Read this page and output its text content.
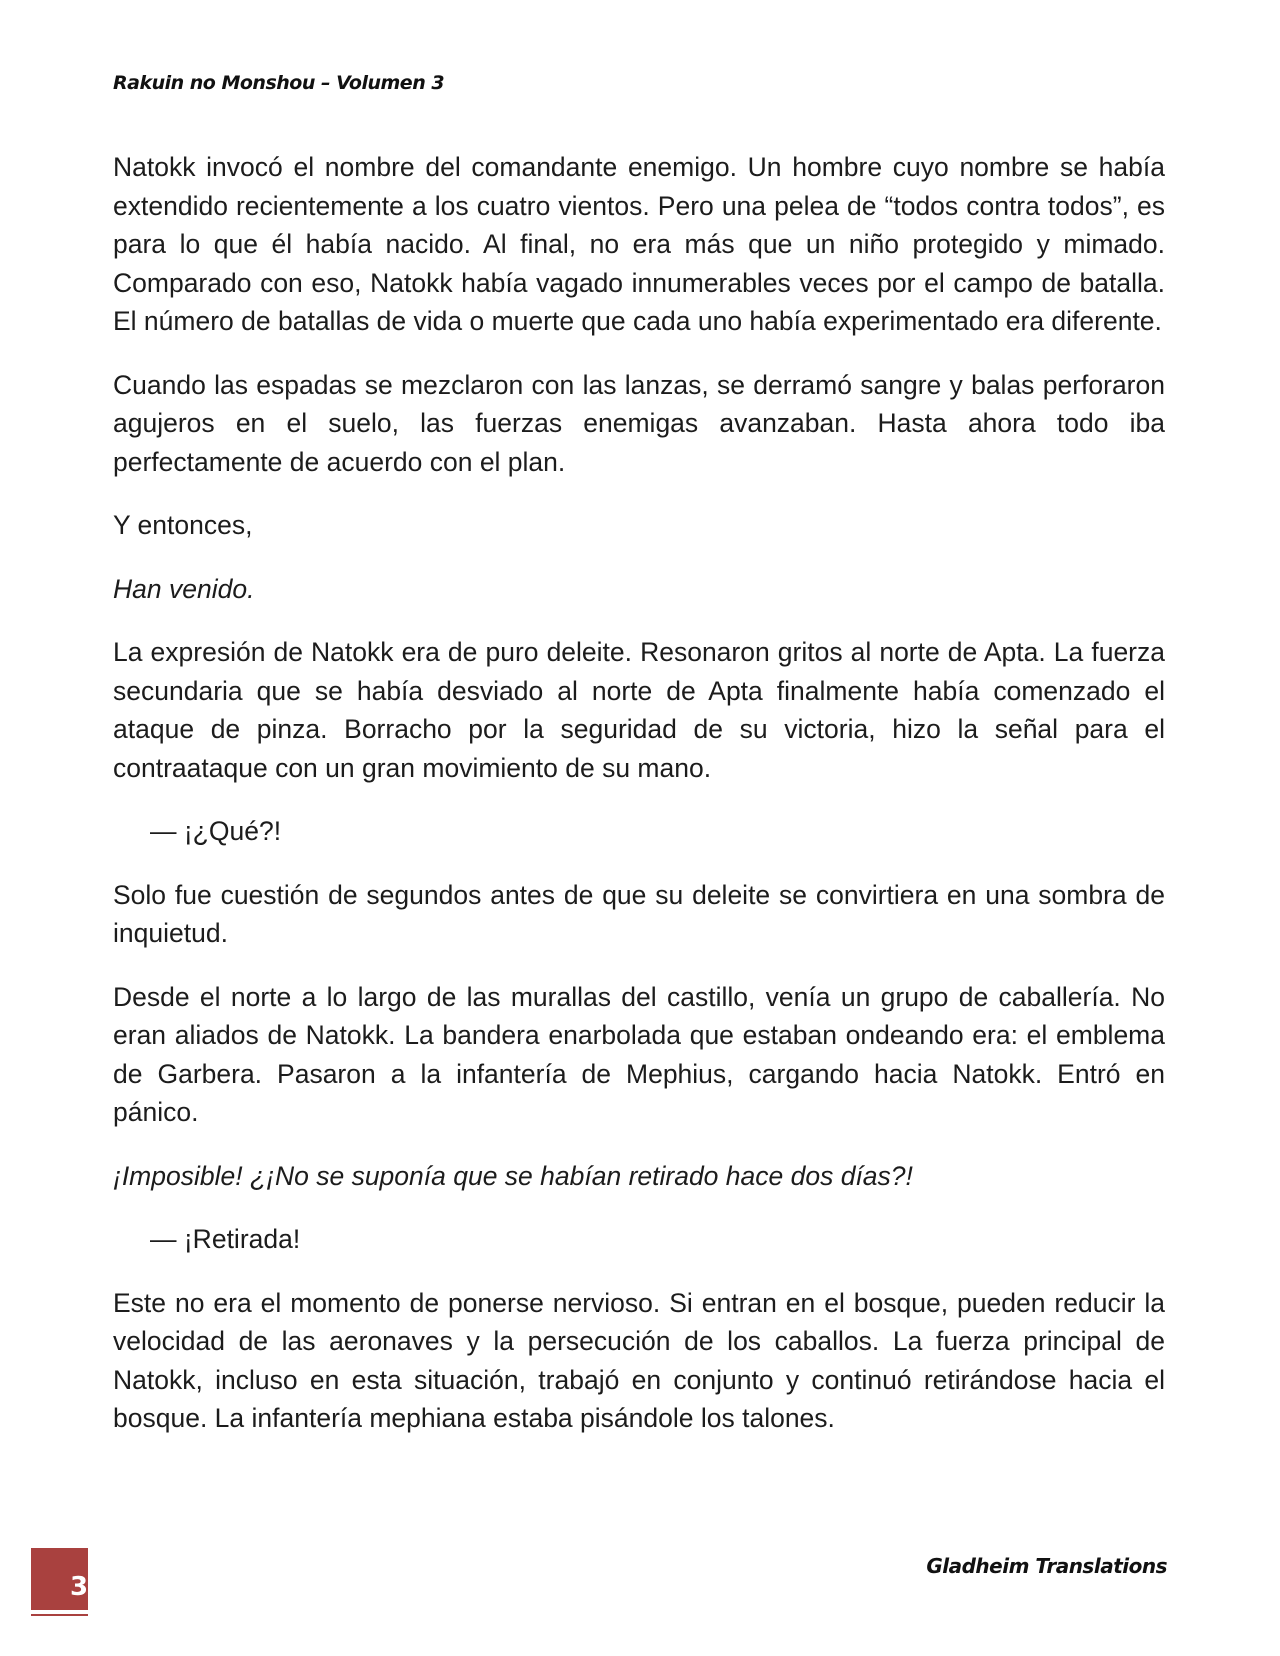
Rakuin no Monshou – Volumen 3

Natokk invocó el nombre del comandante enemigo. Un hombre cuyo nombre se había extendido recientemente a los cuatro vientos. Pero una pelea de “todos contra todos”, es para lo que él había nacido. Al final, no era más que un niño protegido y mimado. Comparado con eso, Natokk había vagado innumerables veces por el campo de batalla. El número de batallas de vida o muerte que cada uno había experimentado era diferente.

Cuando las espadas se mezclaron con las lanzas, se derramó sangre y balas perforaron agujeros en el suelo, las fuerzas enemigas avanzaban. Hasta ahora todo iba perfectamente de acuerdo con el plan.

Y entonces,

Han venido.

La expresión de Natokk era de puro deleite. Resonaron gritos al norte de Apta. La fuerza secundaria que se había desviado al norte de Apta finalmente había comenzado el ataque de pinza. Borracho por la seguridad de su victoria, hizo la señal para el contraataque con un gran movimiento de su mano.

— ¡¿Qué?!

Solo fue cuestión de segundos antes de que su deleite se convirtiera en una sombra de inquietud.

Desde el norte a lo largo de las murallas del castillo, venía un grupo de caballería. No eran aliados de Natokk. La bandera enarbolada que estaban ondeando era: el emblema de Garbera. Pasaron a la infantería de Mephius, cargando hacia Natokk. Entró en pánico.

¡Imposible! ¿¡No se suponía que se habían retirado hace dos días?!

— ¡Retirada!

Este no era el momento de ponerse nervioso. Si entran en el bosque, pueden reducir la velocidad de las aeronaves y la persecución de los caballos. La fuerza principal de Natokk, incluso en esta situación, trabajó en conjunto y continuó retirándose hacia el bosque. La infantería mephiana estaba pisándole los talones.

3
Gladheim Translations
